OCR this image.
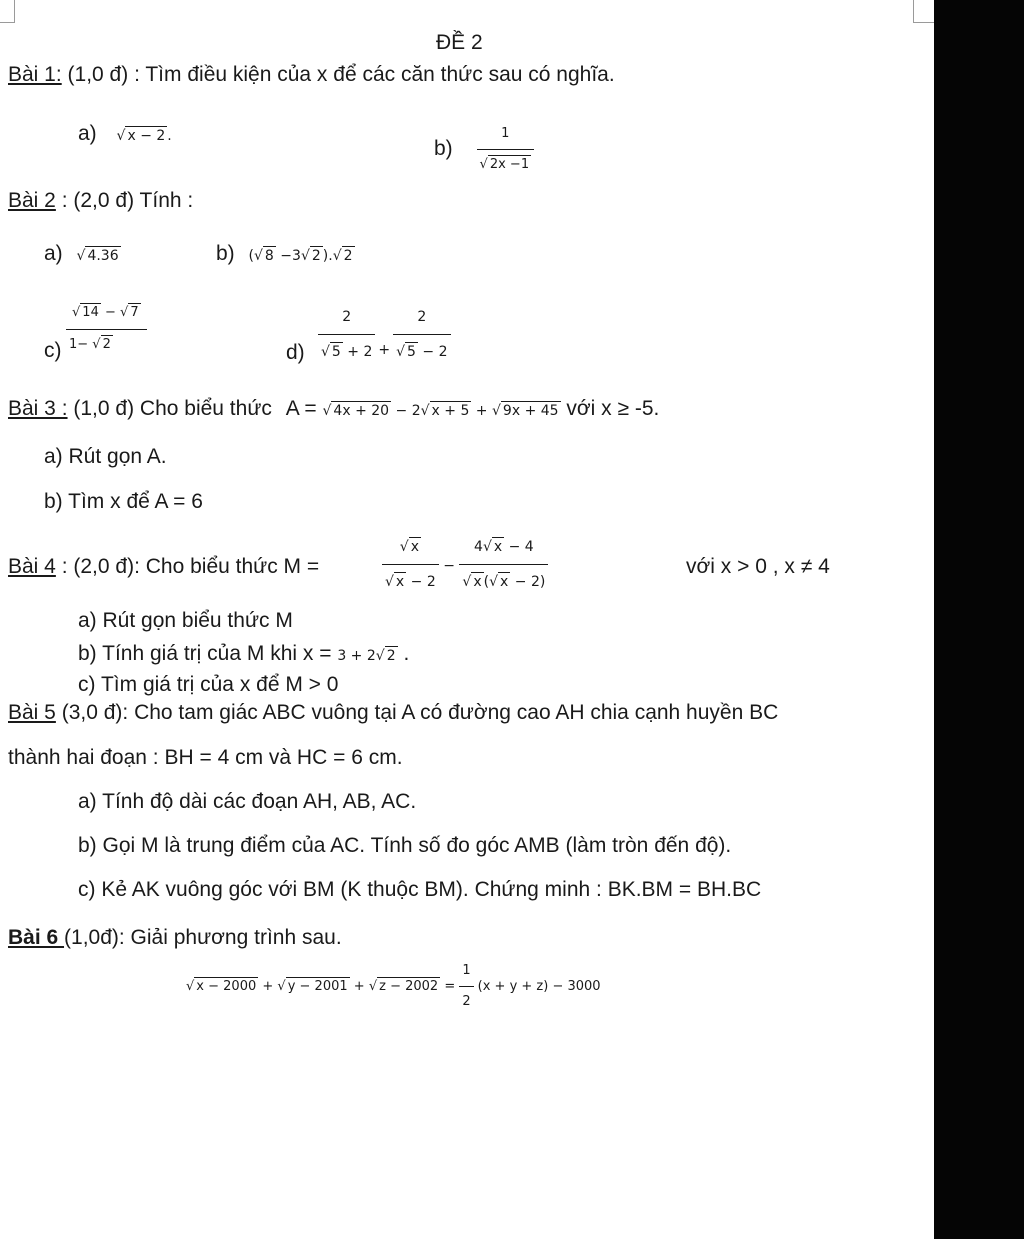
ĐỀ 2
Bài 1: (1,0 đ) : Tìm điều kiện của x để các căn thức sau có nghĩa.
a) √ x − 2 .
$b) \frac{1}{√ 2x -1}$
Bài 2 : (2,0 đ) Tính :
a) √ 4.36	b) (√ 8 −3√ 2 ).√ 2
$c) \frac{√ 14 - √ 7}{1- √ 2}$	$d) \frac{2}{√ 5 + 2} _+ \frac{2}{√ 5 - 2}$
Bài 3 : (1,0 đ) Cho biểu thức A = √ 4x + 20 − 2√ x + 5 + √ 9x + 45 với x ≥ -5.
a) Rút gọn A.
b) Tìm x để A = 6
Bài 4 : (2,0 đ): Cho biểu thức M =	$\frac{√ x}{√ x - 2} - \frac{4√ x - 4}{√ x (√ x - 2)}$	với x > 0 , x ≠ 4
a) Rút gọn biểu thức M
b) Tính giá trị của M khi x = 3 + 2√ 2 .
c) Tìm giá trị của x để M > 0
Bài 5 (3,0 đ): Cho tam giác ABC vuông tại A có đường cao AH chia cạnh huyền BC
thành hai đoạn : BH = 4 cm và HC = 6 cm.
a) Tính độ dài các đoạn AH, AB, AC.
b) Gọi M là trung điểm của AC. Tính số đo góc AMB (làm tròn đến độ).
c) Kẻ AK vuông góc với BM (K thuộc BM). Chứng minh : BK.BM = BH.BC
Bài 6 (1,0đ): Giải phương trình sau.
√ x − 2000 + √ y − 2001 + √ $z - 2002 = \frac{1}{2} (x + y + z) - 3000$
